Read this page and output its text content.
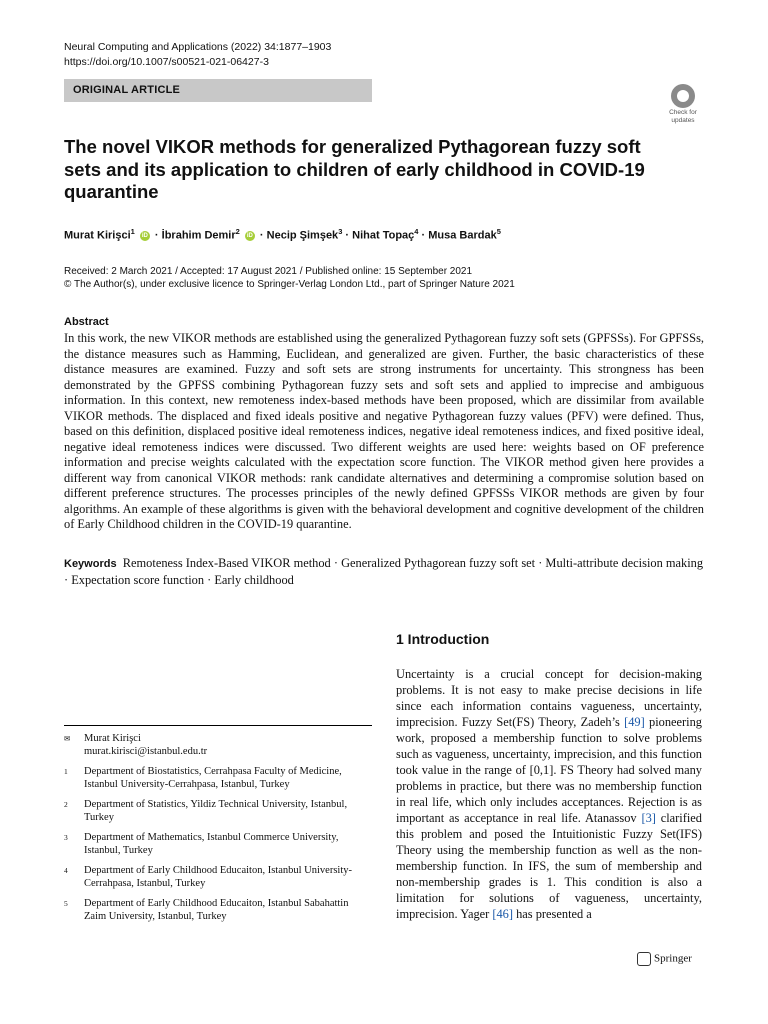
Neural Computing and Applications (2022) 34:1877–1903
https://doi.org/10.1007/s00521-021-06427-3
ORIGINAL ARTICLE
Check for
updates
The novel VIKOR methods for generalized Pythagorean fuzzy soft sets and its application to children of early childhood in COVID-19 quarantine
Murat Kirişci$^1$ iD · İbrahim Demir$^2$ iD · Necip Şimşek$^3$ · Nihat Topaç$^4$ · Musa Bardak$^5$
Received: 2 March 2021 / Accepted: 17 August 2021 / Published online: 15 September 2021
© The Author(s), under exclusive licence to Springer-Verlag London Ltd., part of Springer Nature 2021
Abstract
In this work, the new VIKOR methods are established using the generalized Pythagorean fuzzy soft sets (GPFSSs). For GPFSSs, the distance measures such as Hamming, Euclidean, and generalized are given. Further, the basic characteristics of these distance measures are examined. Fuzzy and soft sets are strong instruments for uncertainty. This strongness has been demonstrated by the GPFSS combining Pythagorean fuzzy sets and soft sets and applied to imprecise and ambiguous information. In this context, new remoteness index-based methods have been proposed, which are dissimilar from available VIKOR methods. The displaced and fixed ideals positive and negative Pythagorean fuzzy values (PFV) were defined. Thus, based on this definition, displaced positive ideal remoteness indices, negative ideal remoteness indices, and fixed positive ideal, negative ideal remoteness indices were discussed. Two different weights are used here: weights based on OF preference information and precise weights calculated with the expectation score function. The VIKOR method given here provides a different way from canonical VIKOR methods: rank candidate alternatives and determining a compromise solution based on different preference structures. The processes principles of the newly defined GPFSSs VIKOR methods are given by four algorithms. An example of these algorithms is given with the behavioral development and cognitive development of the children of Early Childhood children in the COVID-19 quarantine.
Keywords Remoteness Index-Based VIKOR method · Generalized Pythagorean fuzzy soft set · Multi-attribute decision making · Expectation score function · Early childhood
1 Introduction
Uncertainty is a crucial concept for decision-making problems. It is not easy to make precise decisions in life since each information contains vagueness, uncertainty, imprecision. Fuzzy Set(FS) Theory, Zadeh’s [49] pioneering work, proposed a membership function to solve problems such as vagueness, uncertainty, imprecision, and this function took value in the range of [0,1]. FS Theory had solved many problems in practice, but there was no membership function in real life, which only includes acceptances. Rejection is as important as acceptance in real life. Atanassov [3] clarified this problem and posed the Intuitionistic Fuzzy Set(IFS) Theory using the membership function as well as the non-membership function. In IFS, the sum of membership and non-membership grades is 1. This condition is also a limitation for solutions of vagueness, uncertainty, imprecision. Yager [46] has presented a
✉	Murat Kirişci
murat.kirisci@istanbul.edu.tr
1	Department of Biostatistics, Cerrahpasa Faculty of Medicine, Istanbul University-Cerrahpasa, Istanbul, Turkey
2	Department of Statistics, Yildiz Technical University, Istanbul, Turkey
3	Department of Mathematics, Istanbul Commerce University, Istanbul, Turkey
4	Department of Early Childhood Educaiton, Istanbul University-Cerrahpasa, Istanbul, Turkey
5	Department of Early Childhood Educaiton, Istanbul Sabahattin Zaim University, Istanbul, Turkey
Springer
